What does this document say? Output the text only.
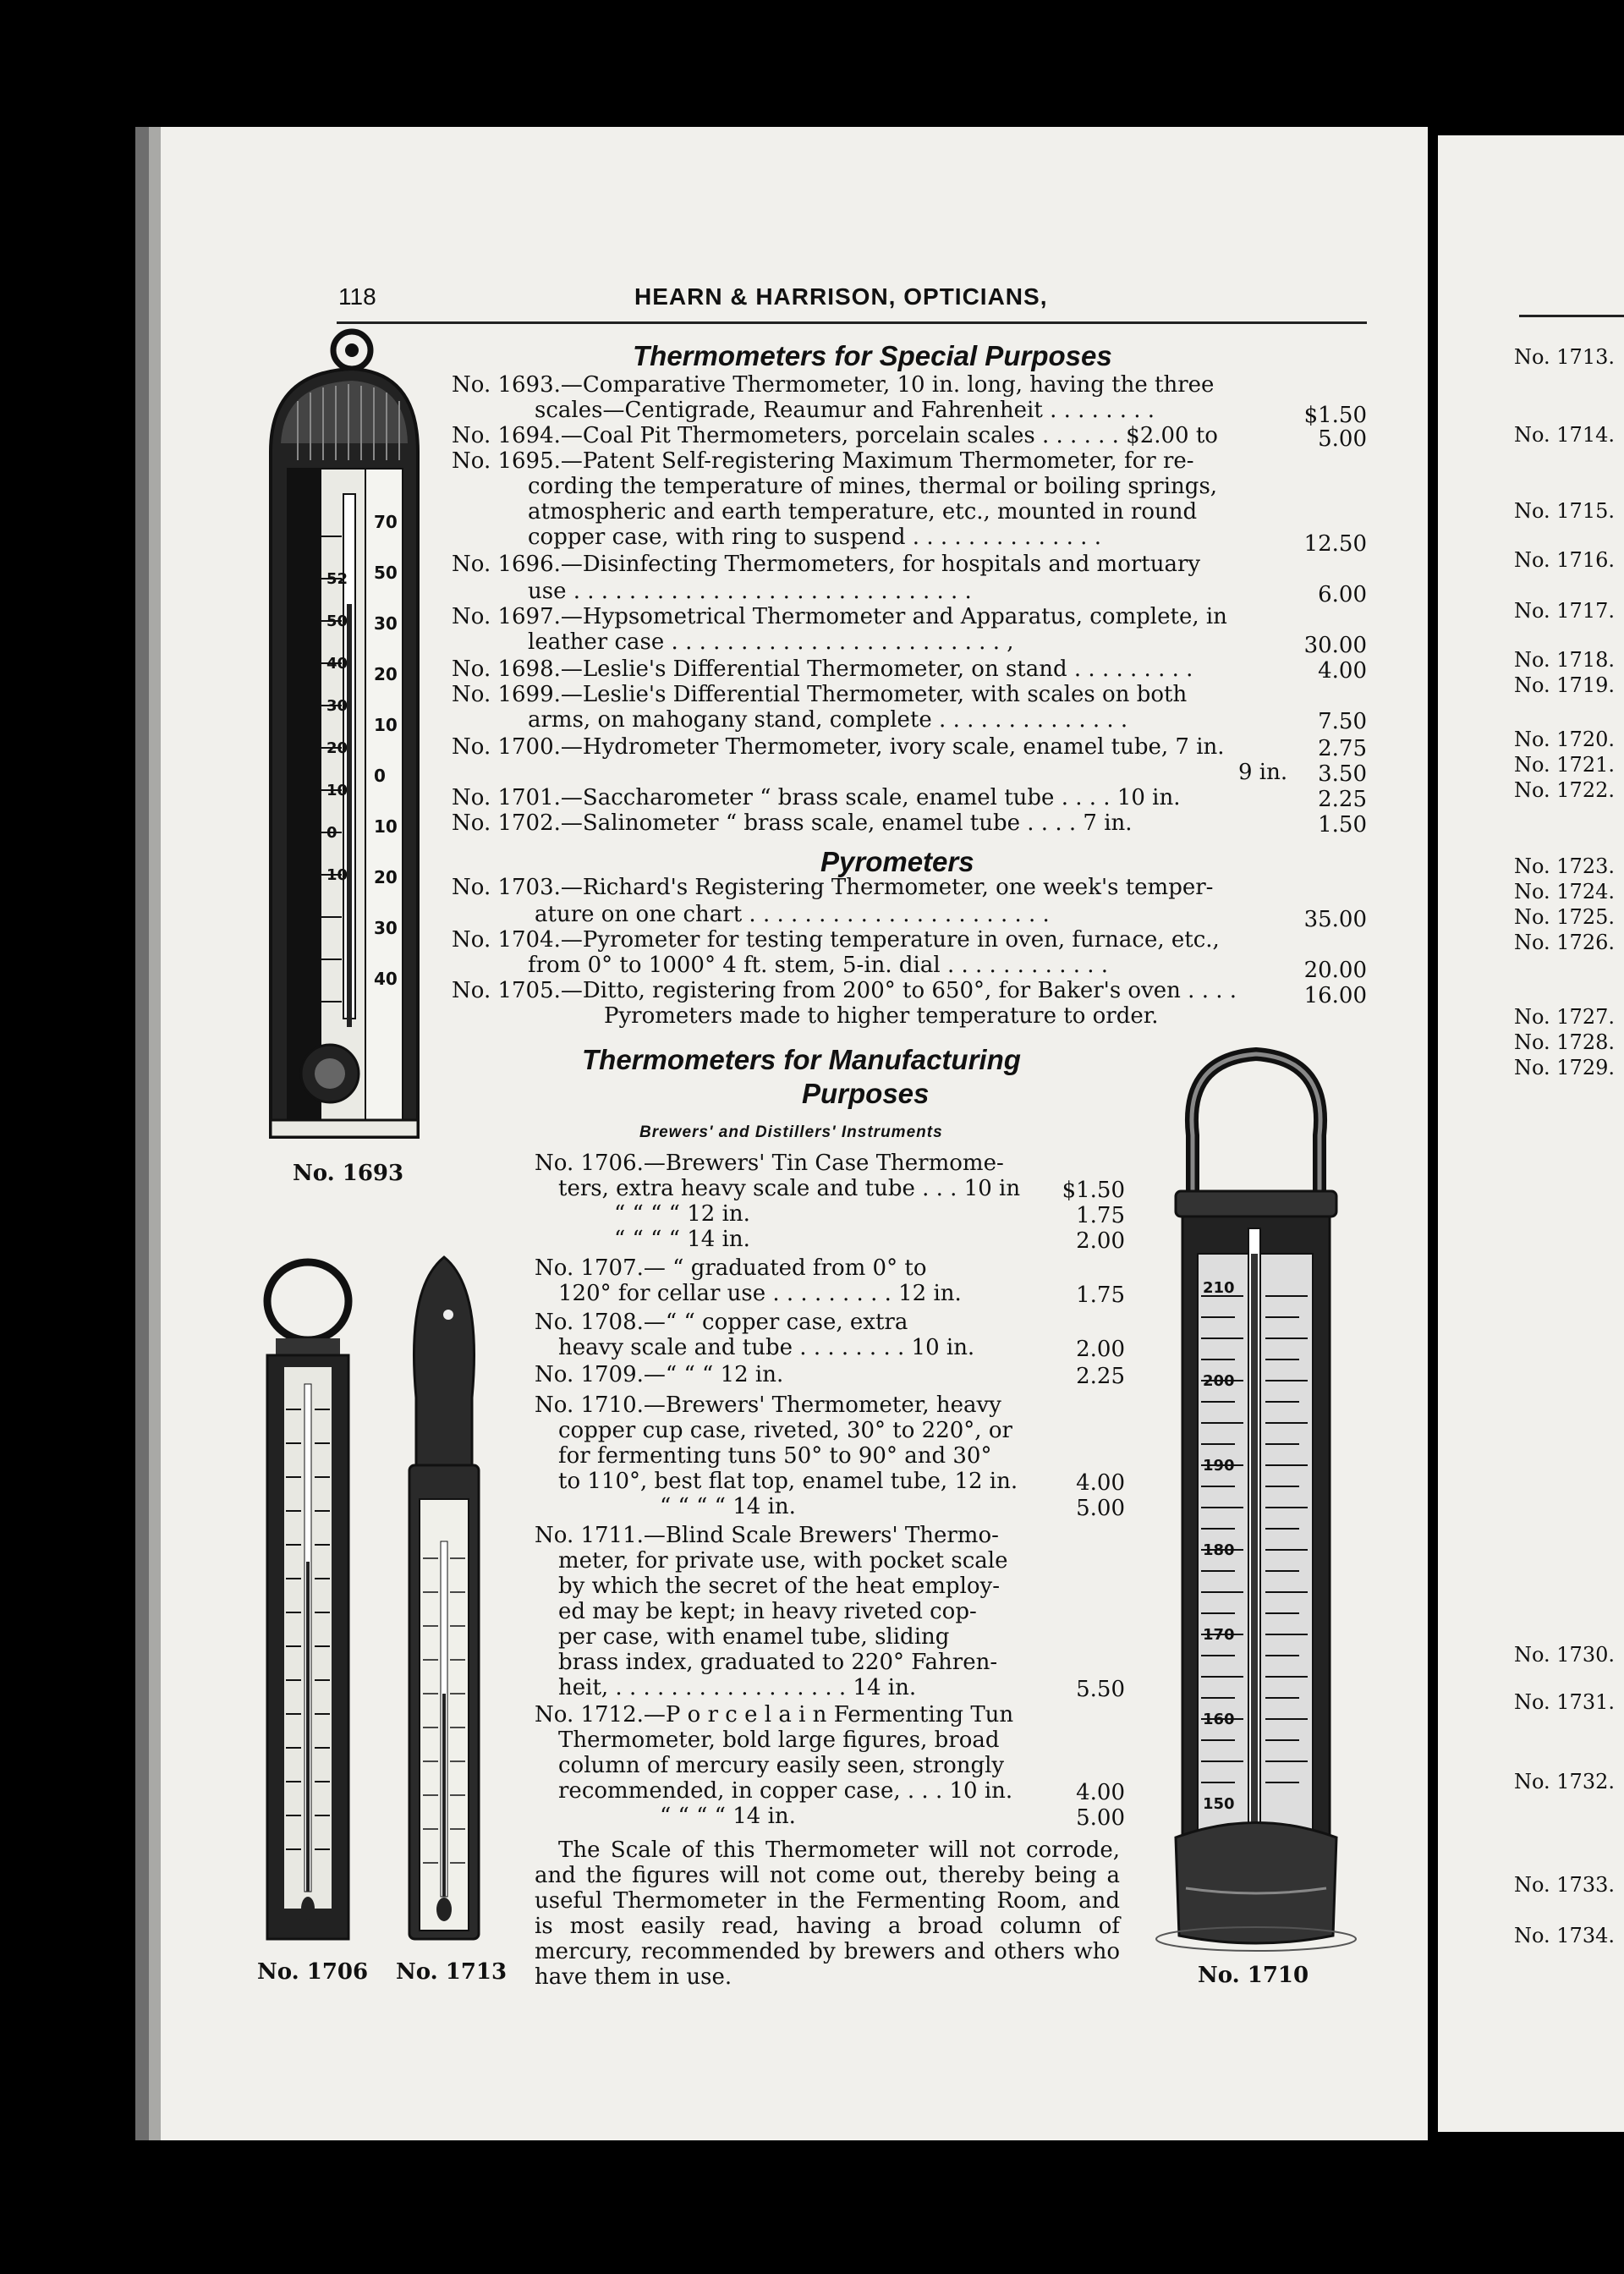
No. 1713.
No. 1714.
No. 1715.
No. 1716.
No. 1717.
No. 1718.
No. 1719.
No. 1720.
No. 1721.
No. 1722.
No. 1723.
No. 1724.
No. 1725.
No. 1726.
No. 1727.
No. 1728.
No. 1729.
No. 1730.
No. 1731.
No. 1732.
No. 1733.
No. 1734.
118	HEARN & HARRISON, OPTICIANS,
Thermometers for Special Purposes
No. 1693.—Comparative Thermometer, 10 in. long, having the three
scales—Centigrade, Reaumur and Fahrenheit . . . . . . . .
No. 1694.—Coal Pit Thermometers, porcelain scales . . . . . . $2.00 to
No. 1695.—Patent Self-registering Maximum Thermometer, for re-
cording the temperature of mines, thermal or boiling springs,
atmospheric and earth temperature, etc., mounted in round
copper case, with ring to suspend . . . . . . . . . . . . . .
No. 1696.—Disinfecting Thermometers, for hospitals and mortuary
use . . . . . . . . . . . . . . . . . . . . . . . . . . . . .
No. 1697.—Hypsometrical Thermometer and Apparatus, complete, in
leather case . . . . . . . . . . . . . . . . . . . . . . . . ,
No. 1698.—Leslie's Differential Thermometer, on stand . . . . . . . . .
No. 1699.—Leslie's Differential Thermometer, with scales on both
arms, on mahogany stand, complete . . . . . . . . . . . . . .
No. 1700.—Hydrometer Thermometer, ivory scale, enamel tube, 7 in.
9 in.
No. 1701.—Saccharometer “ brass scale, enamel tube . . . . 10 in.
No. 1702.—Salinometer “ brass scale, enamel tube . . . . 7 in.
$1.50
5.00
12.50
6.00
30.00
4.00
7.50
2.75
3.50
2.25
1.50
Pyrometers
No. 1703.—Richard's Registering Thermometer, one week's temper-
ature on one chart . . . . . . . . . . . . . . . . . . . . . .
No. 1704.—Pyrometer for testing temperature in oven, furnace, etc.,
from 0° to 1000° 4 ft. stem, 5-in. dial . . . . . . . . . . . .
No. 1705.—Ditto, registering from 200° to 650°, for Baker's oven . . . .
Pyrometers made to higher temperature to order.
35.00
20.00
16.00
Thermometers for Manufacturing
Purposes
Brewers' and Distillers' Instruments
No. 1706.—Brewers' Tin Case Thermome-
ters, extra heavy scale and tube . . . 10 in
“ “ “ “ 12 in.
“ “ “ “ 14 in.
No. 1707.— “ graduated from 0° to
120° for cellar use . . . . . . . . . 12 in.
No. 1708.—“ “ copper case, extra
heavy scale and tube . . . . . . . . 10 in.
No. 1709.—“ “ “ 12 in.
No. 1710.—Brewers' Thermometer, heavy
copper cup case, riveted, 30° to 220°, or
for fermenting tuns 50° to 90° and 30°
to 110°, best flat top, enamel tube, 12 in.
“ “ “ “ 14 in.
No. 1711.—Blind Scale Brewers' Thermo-
meter, for private use, with pocket scale
by which the secret of the heat employ-
ed may be kept; in heavy riveted cop-
per case, with enamel tube, sliding
brass index, graduated to 220° Fahren-
heit, . . . . . . . . . . . . . . . . . 14 in.
No. 1712.—P o r c e l a i n Fermenting Tun
Thermometer, bold large figures, broad
column of mercury easily seen, strongly
recommended, in copper case, . . . 10 in.
“ “ “ “ 14 in.
$1.50
1.75
2.00
1.75
2.00
2.25
4.00
5.00
5.50
4.00
5.00
The Scale of this Thermometer will not corrode, and the figures will not come out, thereby being a useful Thermometer in the Fermenting Room, and is most easily read, having a broad column of mercury, recommended by brewers and others who have them in use.
52
50
40
30
20
10
0
10
70
50
30
20
10
0
10
20
30
40
No. 1693
No. 1706 No. 1713
210
200
190
180
170
160
150
No. 1710
